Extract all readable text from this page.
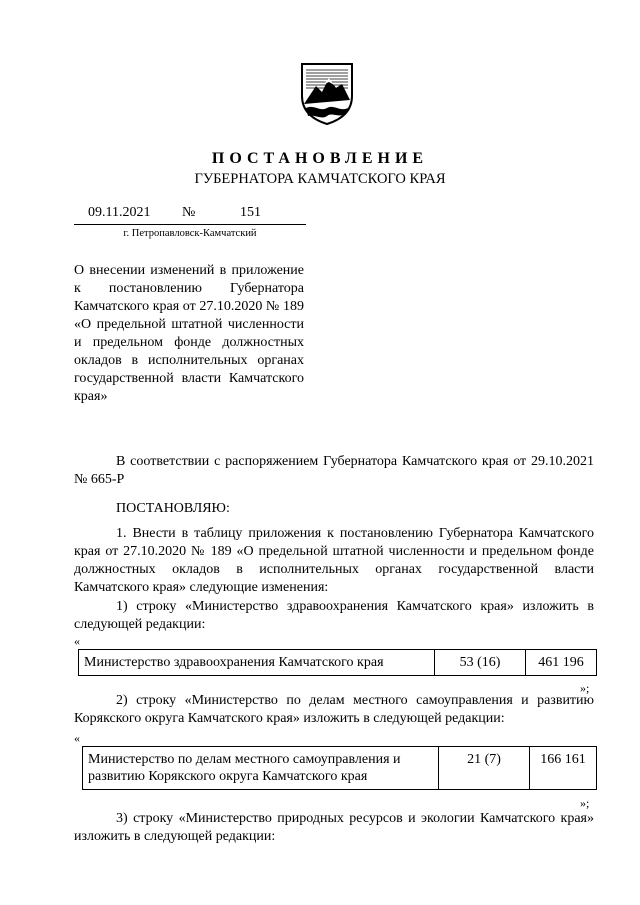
ПОСТАНОВЛЕНИЕ
ГУБЕРНАТОРА КАМЧАТСКОГО КРАЯ
09.11.2021 №	151
г. Петропавловск-Камчатский
О внесении изменений в приложение к постановлению Губернатора Камчатского края от 27.10.2020 № 189 «О предельной штатной численности и предельном фонде должностных окладов в исполнительных органах государственной власти Камчатского края»

В соответствии с распоряжением Губернатора Камчатского края от 29.10.2021 № 665-Р

ПОСТАНОВЛЯЮ:

1. Внести в таблицу приложения к постановлению Губернатора Камчатского края от 27.10.2020 № 189 «О предельной штатной численности и предельном фонде должностных окладов в исполнительных органах государственной власти Камчатского края» следующие изменения:

1) строку «Министерство здравоохранения Камчатского края» изложить в следующей редакции:

«
Министерство здравоохранения Камчатского края	53 (16)	461 196
»;

2) строку «Министерство по делам местного самоуправления и развитию Корякского округа Камчатского края» изложить в следующей редакции:

«
Министерство по делам местного самоуправления и развитию Корякского округа Камчатского края	21 (7)	166 161
»;

3) строку «Министерство природных ресурсов и экологии Камчатского края» изложить в следующей редакции:
